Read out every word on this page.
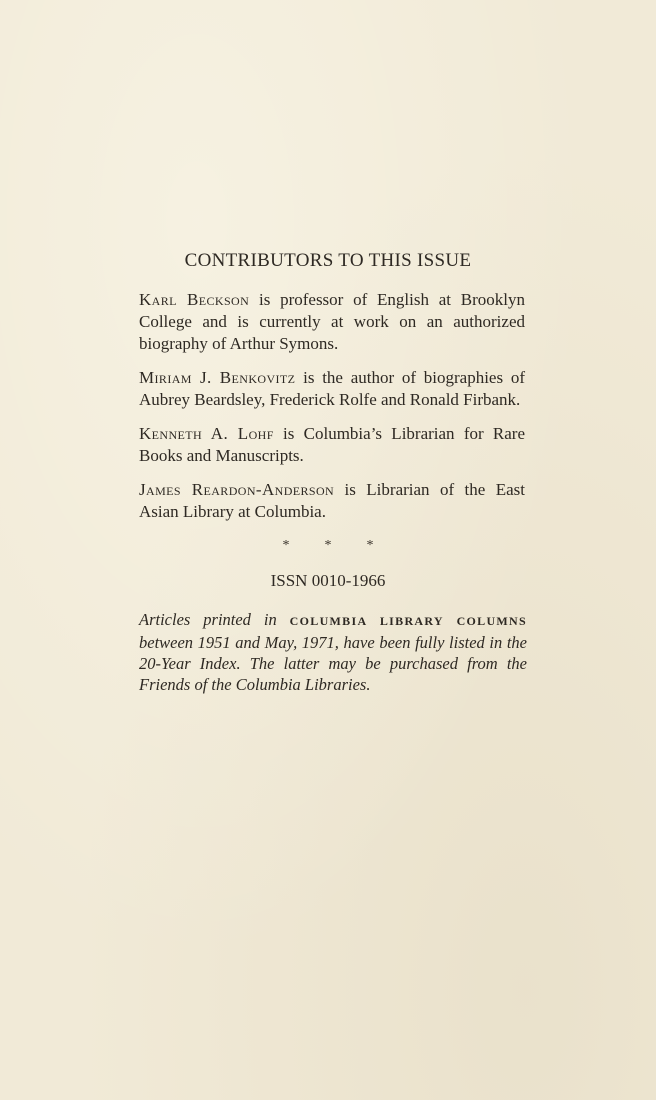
CONTRIBUTORS TO THIS ISSUE

Karl Beckson is professor of English at Brooklyn College and is currently at work on an authorized biography of Arthur Symons.

Miriam J. Benkovitz is the author of biographies of Aubrey Beardsley, Frederick Rolfe and Ronald Firbank.

Kenneth A. Lohf is Columbia’s Librarian for Rare Books and Manuscripts.

James Reardon-Anderson is Librarian of the East Asian Library at Columbia.

*	*	*
ISSN 0010-1966
Articles printed in COLUMBIA LIBRARY COLUMNS between 1951 and May, 1971, have been fully listed in the 20-Year Index. The latter may be purchased from the Friends of the Columbia Libraries.
